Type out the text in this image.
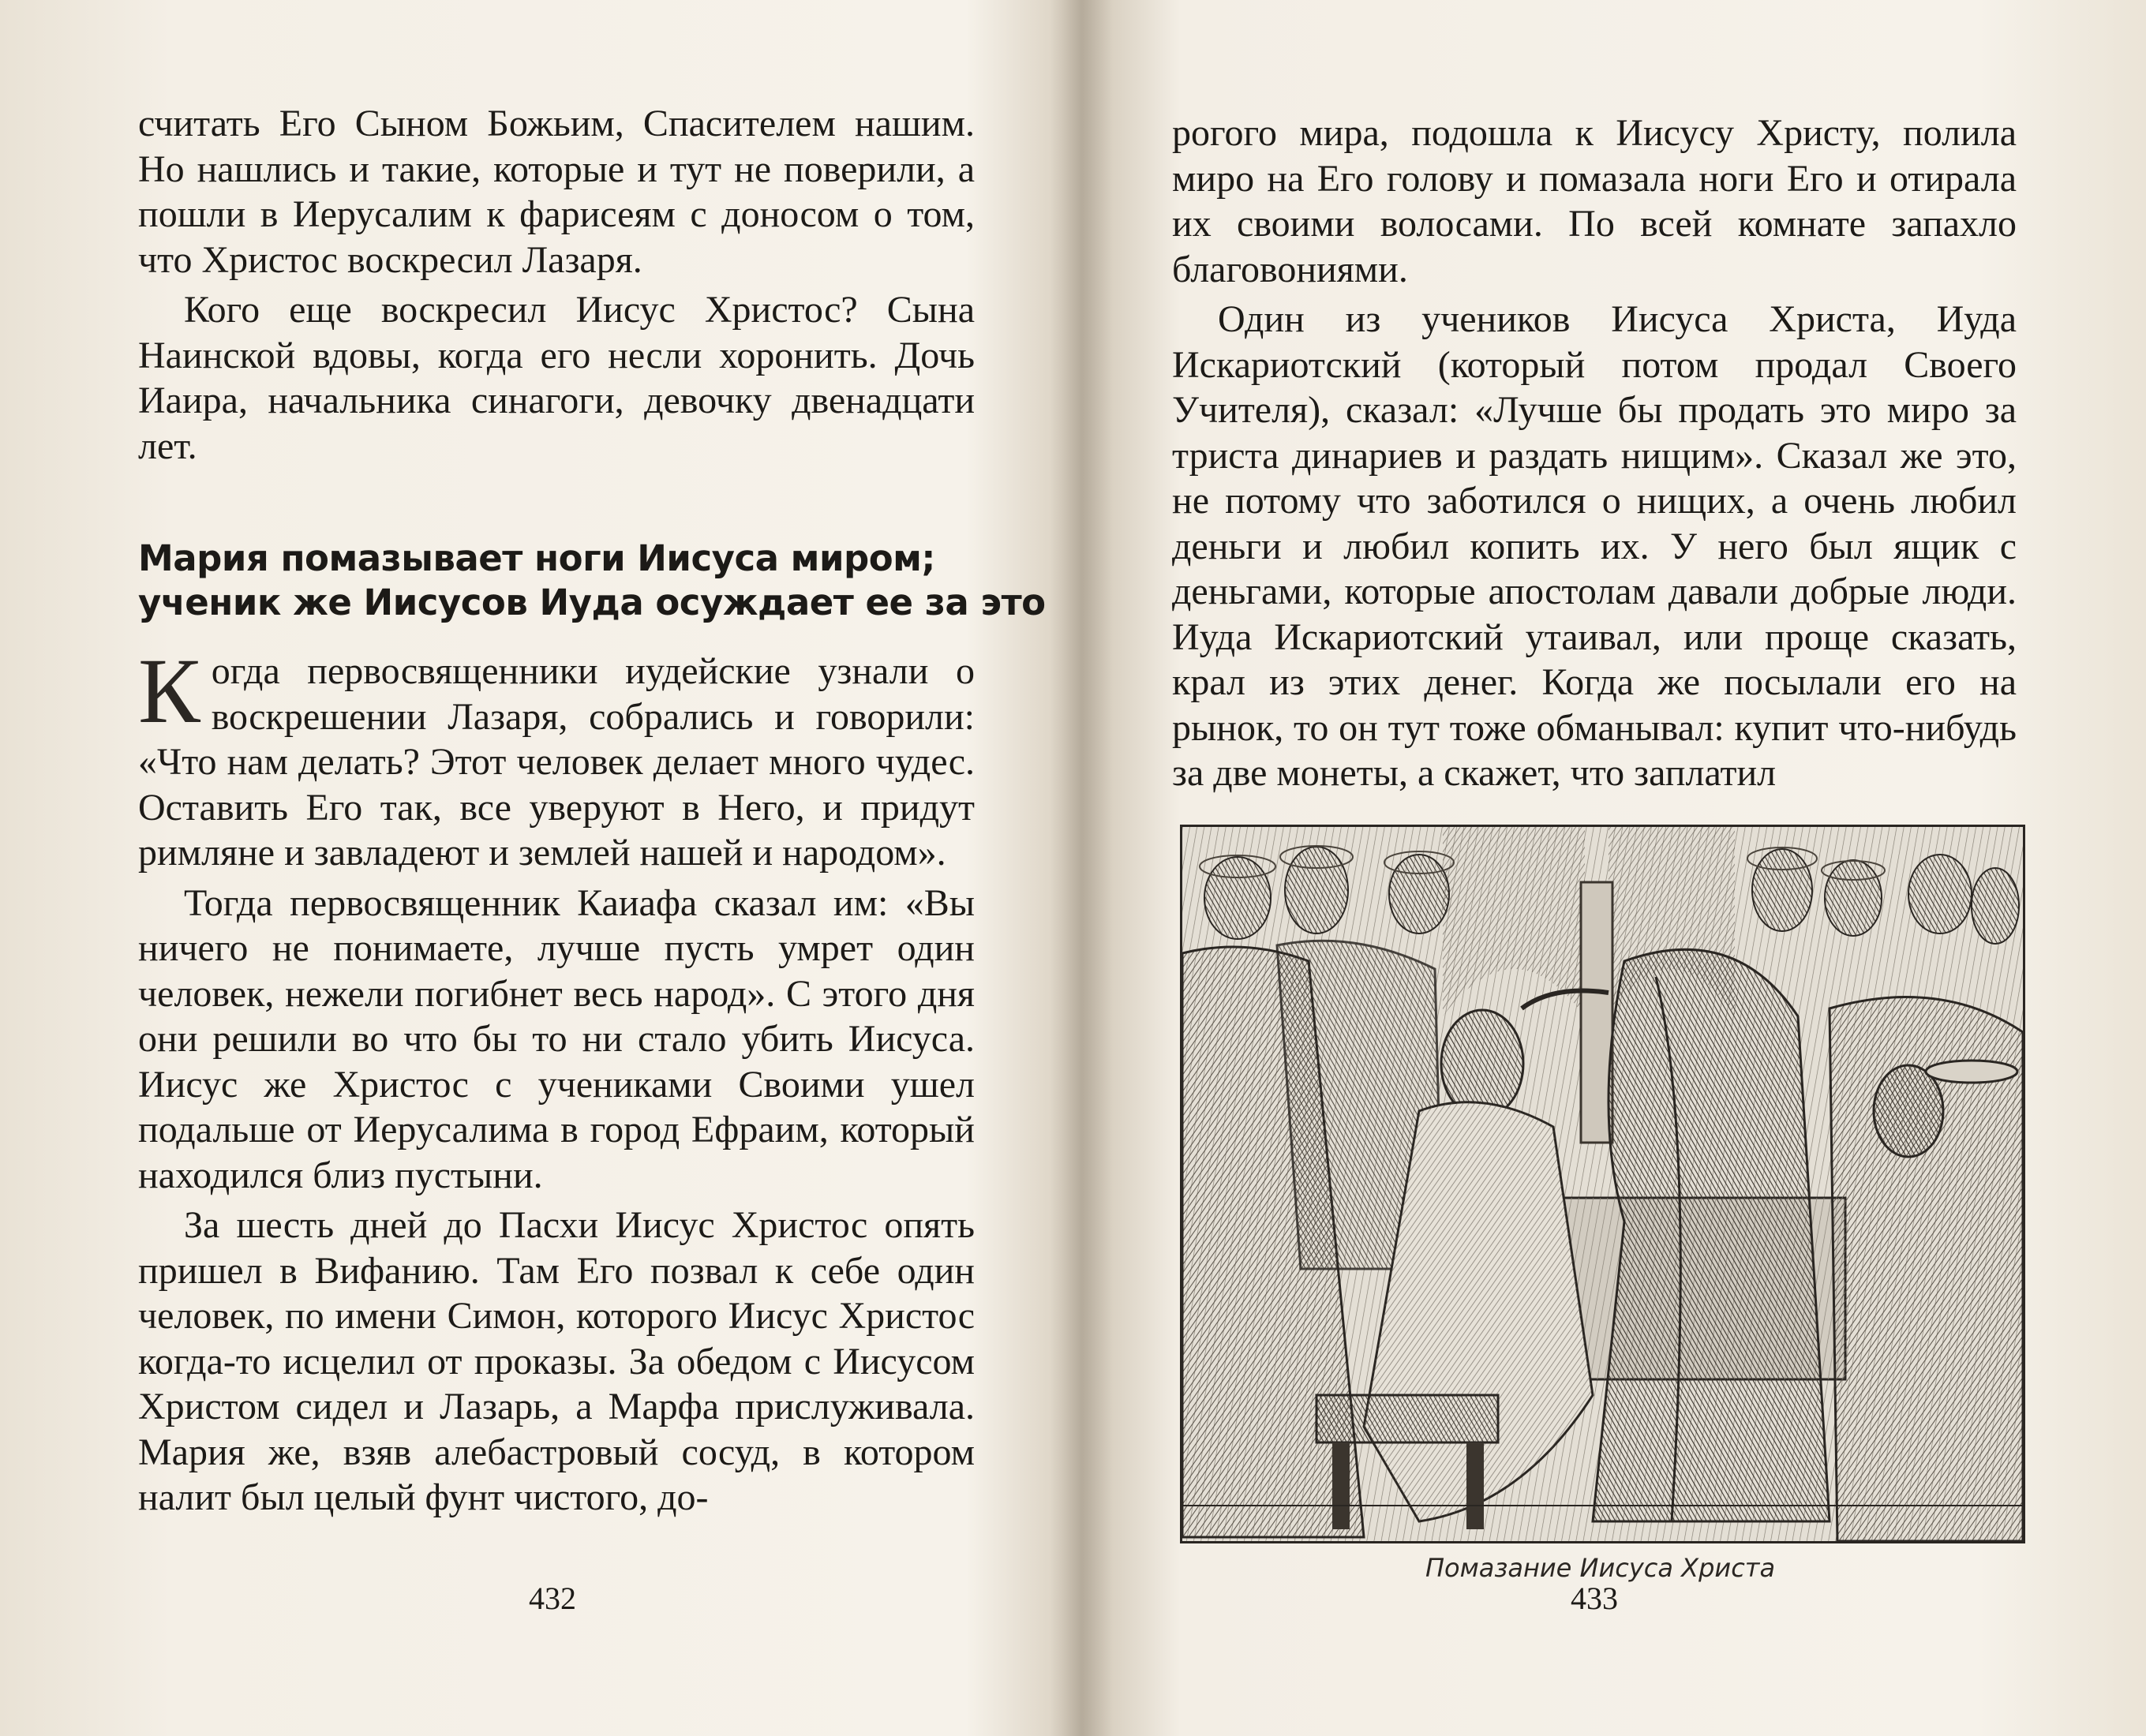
считать Его Сыном Божьим, Спасителем нашим. Но нашлись и такие, которые и тут не поверили, а пошли в Иерусалим к фарисеям с доносом о том, что Христос воскресил Лазаря.

Кого еще воскресил Иисус Христос? Сына Наинской вдовы, когда его несли хоронить. Дочь Иаира, начальника синагоги, девочку двенадцати лет.

Мария помазывает ноги Иисуса миром;
ученик же Иисусов Иуда осуждает ее за это

Когда первосвященники иудейские узнали о воскрешении Лазаря, собрались и говорили: «Что нам делать? Этот человек делает много чудес. Оставить Его так, все уверуют в Него, и придут римляне и завладеют и землей нашей и народом».

Тогда первосвященник Каиафа сказал им: «Вы ничего не понимаете, лучше пусть умрет один человек, нежели погибнет весь народ». С этого дня они решили во что бы то ни стало убить Иисуса. Иисус же Христос с учениками Своими ушел подальше от Иерусалима в город Ефраим, который находился близ пустыни.

За шесть дней до Пасхи Иисус Христос опять пришел в Вифанию. Там Его позвал к себе один человек, по имени Симон, которого Иисус Христос когда-то исцелил от проказы. За обедом с Иисусом Христом сидел и Лазарь, а Марфа прислуживала. Мария же, взяв алебастровый сосуд, в котором налит был целый фунт чистого, до-

432

рогого мира, подошла к Иисусу Христу, полила миро на Его голову и помазала ноги Его и отирала их своими волосами. По всей комнате запахло благовониями.

Один из учеников Иисуса Христа, Иуда Искариотский (который потом продал Своего Учителя), сказал: «Лучше бы продать это миро за триста динариев и раздать нищим». Сказал же это, не потому что заботился о нищих, а очень любил деньги и любил копить их. У него был ящик с деньгами, которые апостолам давали добрые люди. Иуда Искариотский утаивал, или проще сказать, крал из этих денег. Когда же посылали его на рынок, то он тут тоже обманывал: купит что-нибудь за две монеты, а скажет, что заплатил

Помазание Иисуса Христа
433
